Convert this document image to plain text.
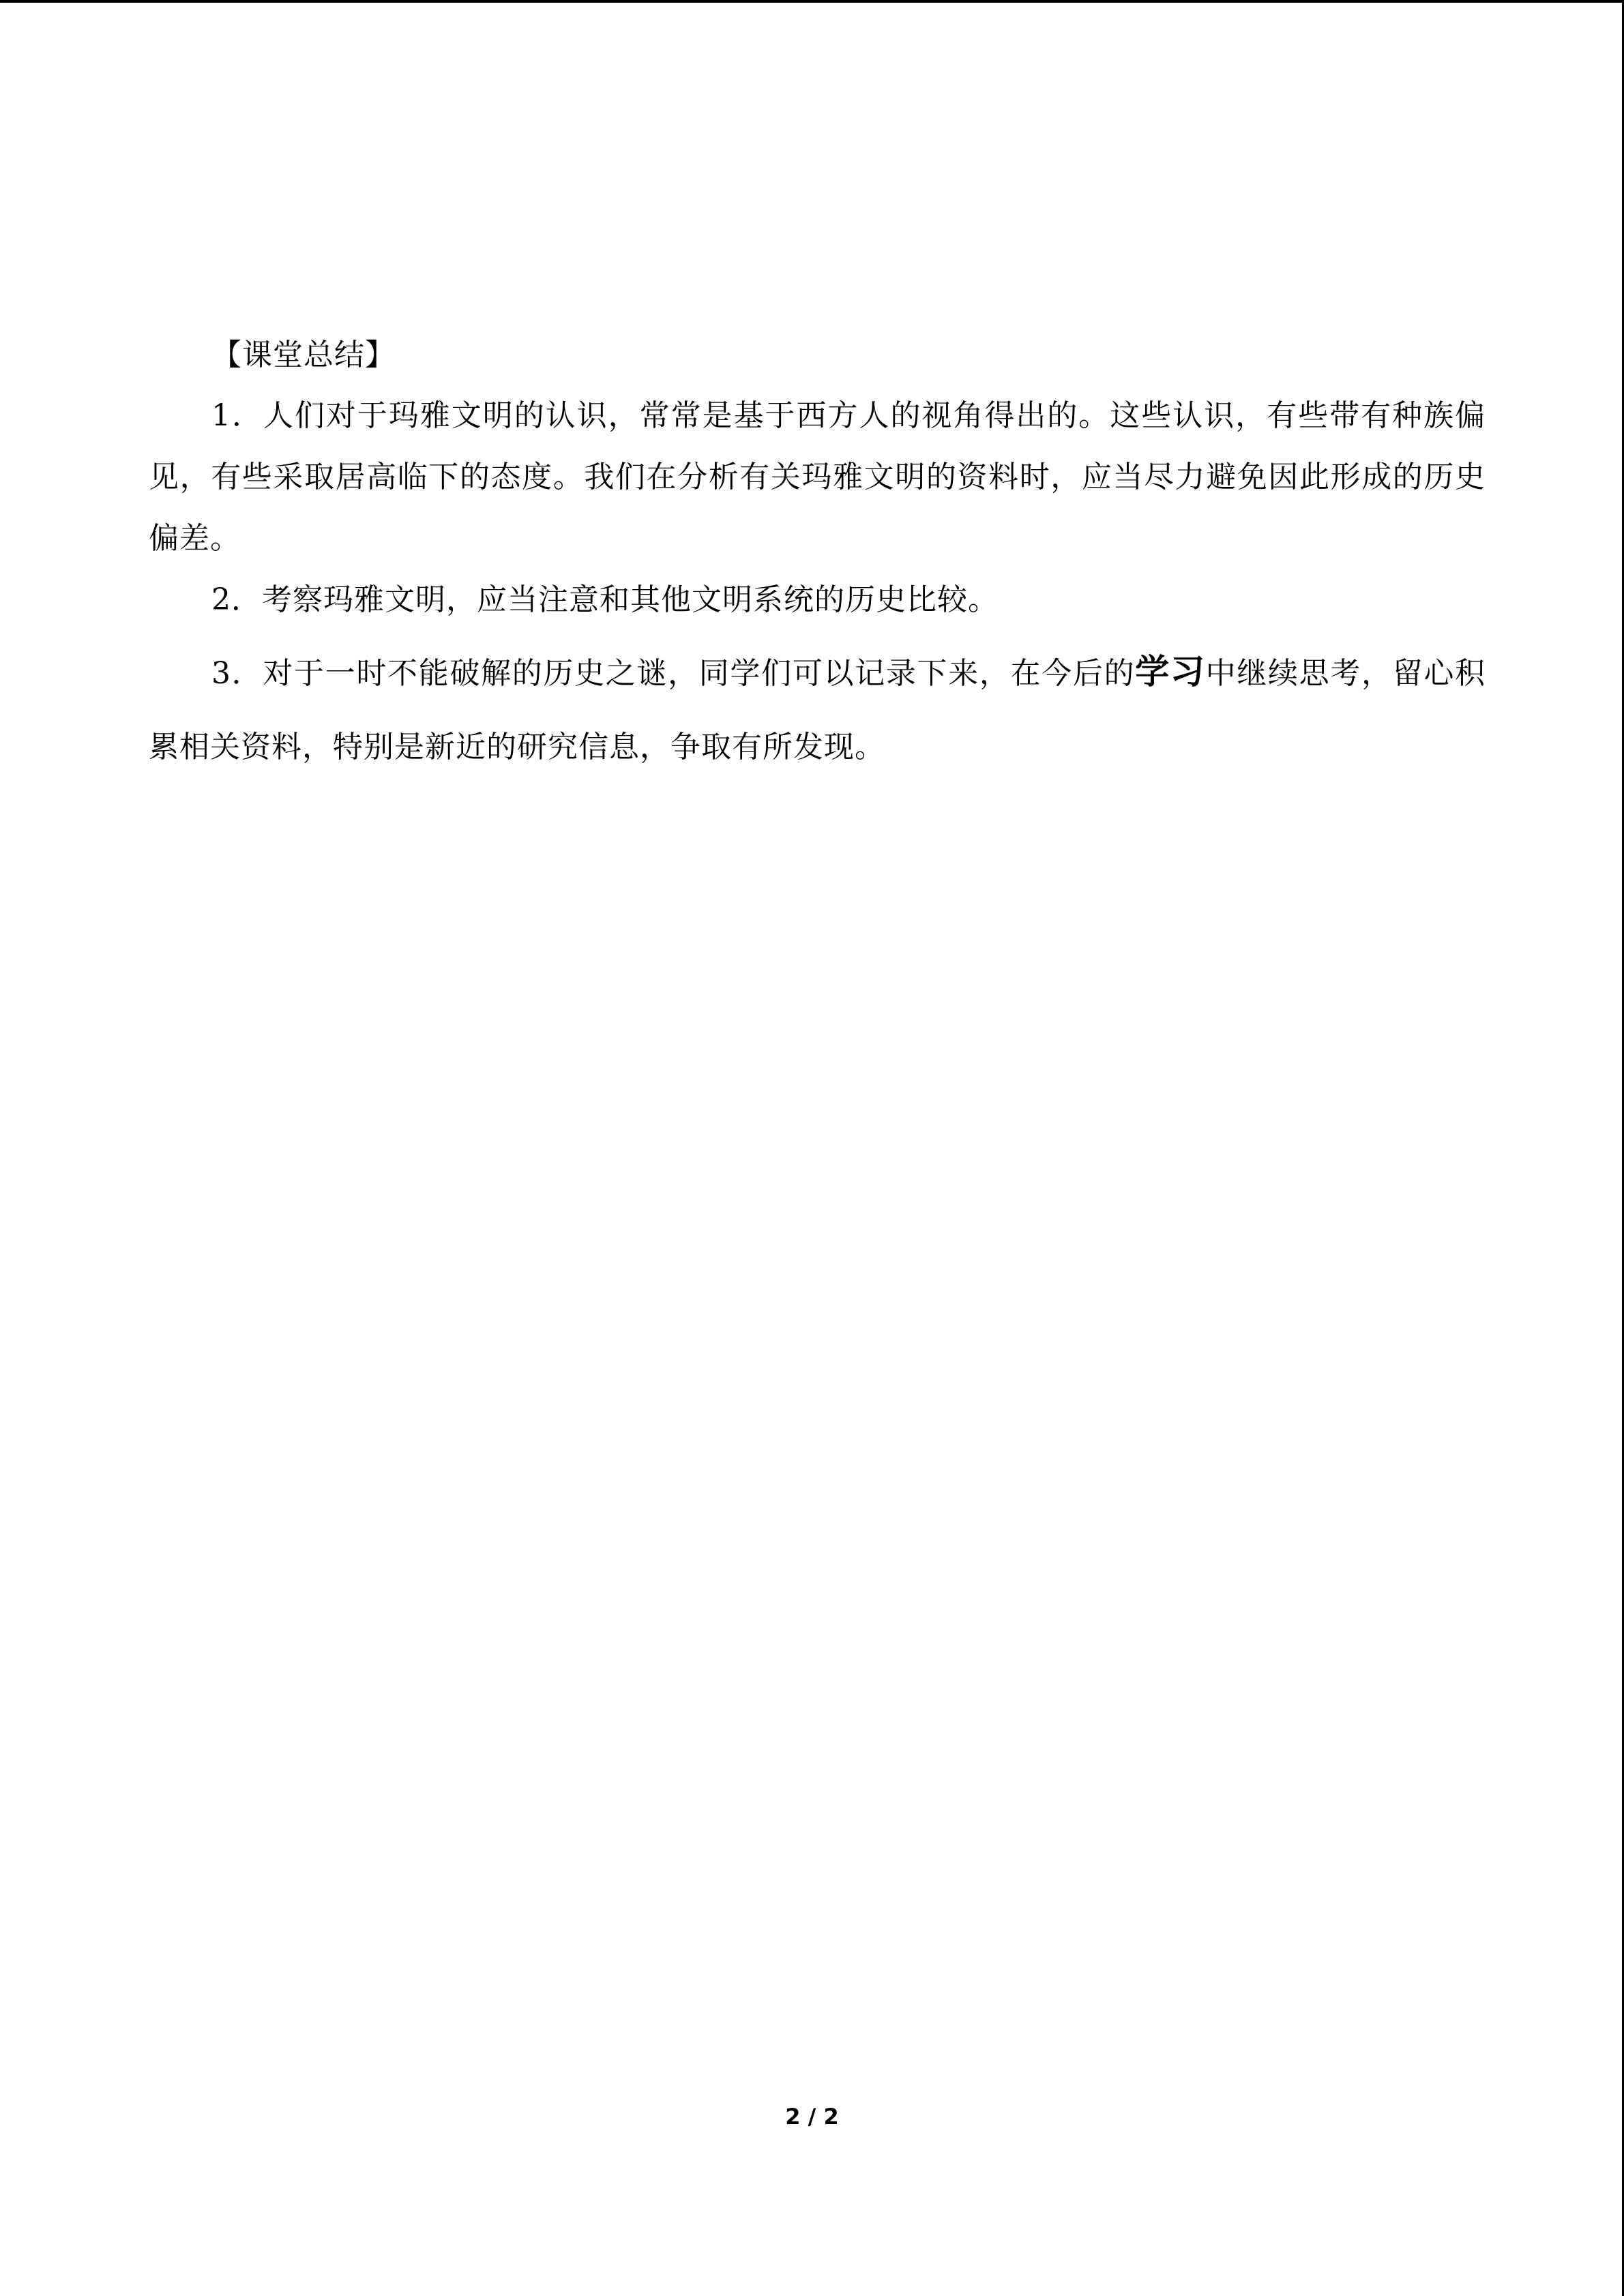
【课堂总结】

1．人们对于玛雅文明的认识，常常是基于西方人的视角得出的。这些认识，有些带有种族偏见，有些采取居高临下的态度。我们在分析有关玛雅文明的资料时，应当尽力避免因此形成的历史偏差。

2．考察玛雅文明，应当注意和其他文明系统的历史比较。

3．对于一时不能破解的历史之谜，同学们可以记录下来，在今后的学习中继续思考，留心积累相关资料，特别是新近的研究信息，争取有所发现。

2 / 2
